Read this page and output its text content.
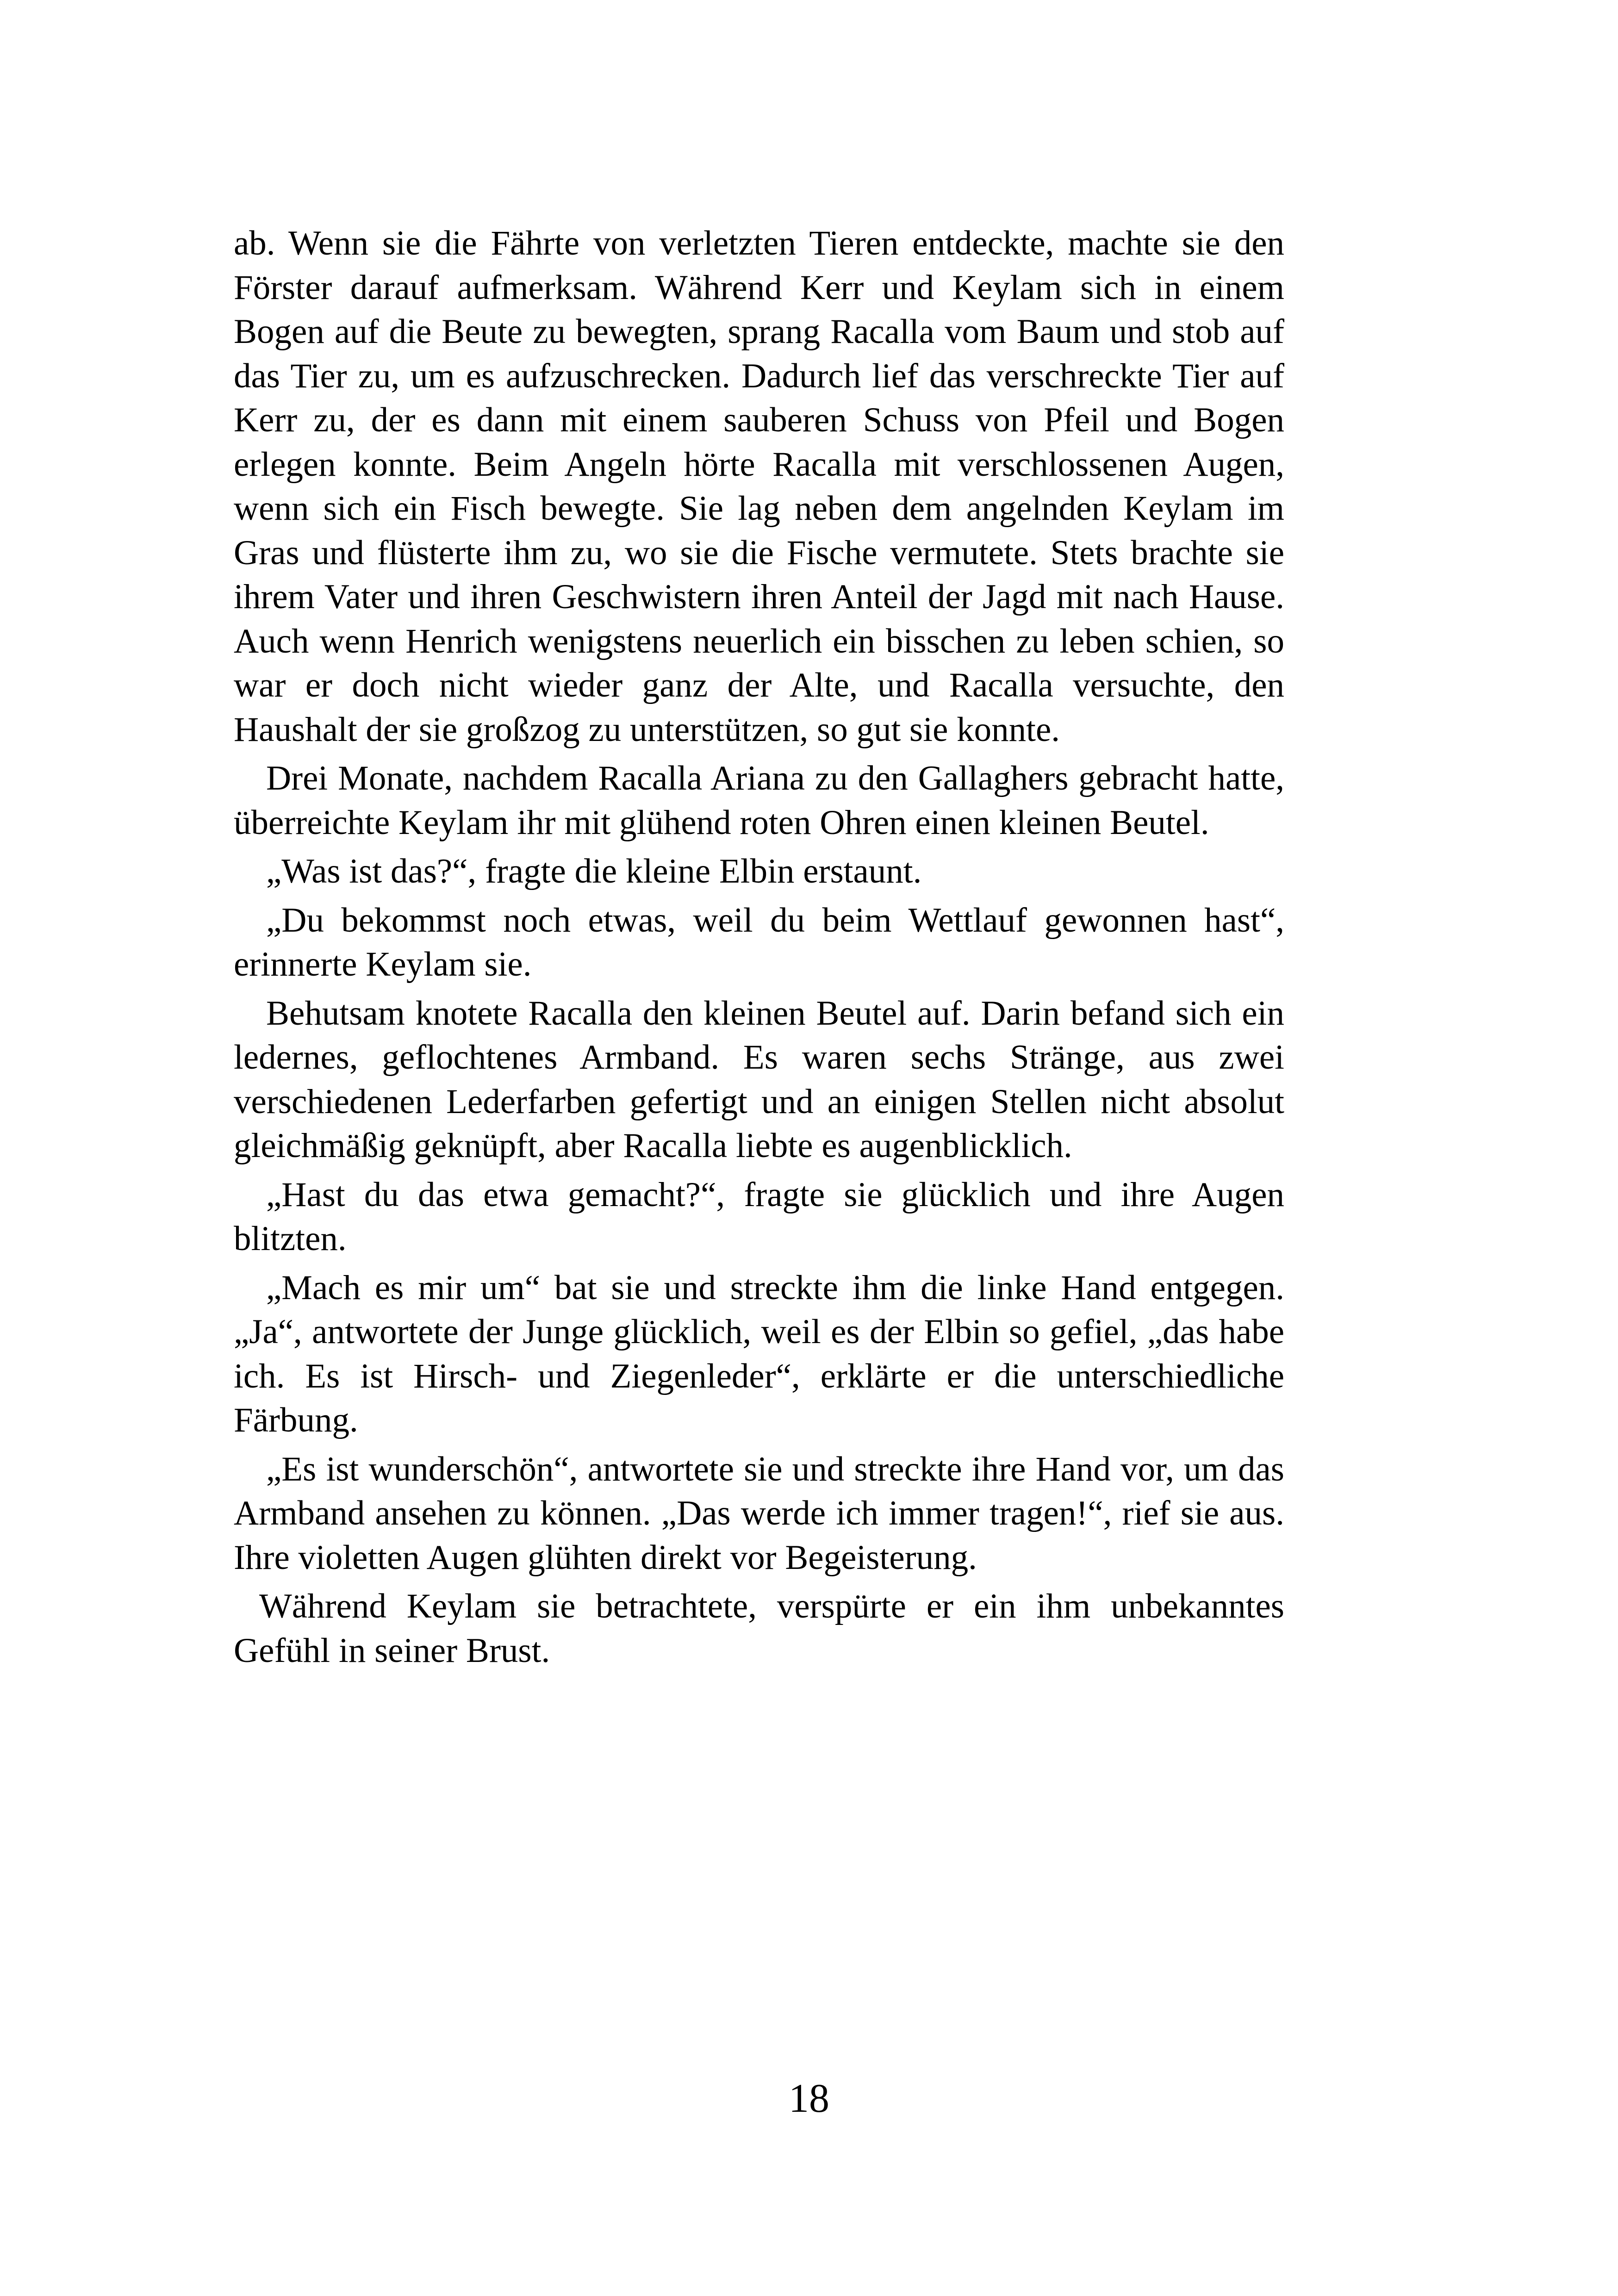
ab. Wenn sie die Fährte von verletzten Tieren entdeckte, machte sie den Förster darauf aufmerksam. Während Kerr und Keylam sich in einem Bogen auf die Beute zu bewegten, sprang Racalla vom Baum und stob auf das Tier zu, um es aufzuschrecken. Dadurch lief das verschreckte Tier auf Kerr zu, der es dann mit einem sauberen Schuss von Pfeil und Bogen erlegen konnte. Beim Angeln hörte Racalla mit verschlossenen Augen, wenn sich ein Fisch bewegte. Sie lag neben dem angelnden Keylam im Gras und flüsterte ihm zu, wo sie die Fische vermutete. Stets brachte sie ihrem Vater und ihren Geschwistern ihren Anteil der Jagd mit nach Hause. Auch wenn Henrich wenigstens neuerlich ein bisschen zu leben schien, so war er doch nicht wieder ganz der Alte, und Racalla versuchte, den Haushalt der sie großzog zu unterstützen, so gut sie konnte.

Drei Monate, nachdem Racalla Ariana zu den Gallaghers gebracht hatte, überreichte Keylam ihr mit glühend roten Ohren einen kleinen Beutel.

„Was ist das?“, fragte die kleine Elbin erstaunt.

„Du bekommst noch etwas, weil du beim Wettlauf gewonnen hast“, erinnerte Keylam sie.

Behutsam knotete Racalla den kleinen Beutel auf. Darin befand sich ein ledernes, geflochtenes Armband. Es waren sechs Stränge, aus zwei verschiedenen Lederfarben gefertigt und an einigen Stellen nicht absolut gleichmäßig geknüpft, aber Racalla liebte es augenblicklich.

„Hast du das etwa gemacht?“, fragte sie glücklich und ihre Augen blitzten.

„Mach es mir um“ bat sie und streckte ihm die linke Hand entgegen. „Ja“, antwortete der Junge glücklich, weil es der Elbin so gefiel, „das habe ich. Es ist Hirsch- und Ziegenleder“, erklärte er die unterschiedliche Färbung.

„Es ist wunderschön“, antwortete sie und streckte ihre Hand vor, um das Armband ansehen zu können. „Das werde ich immer tragen!“, rief sie aus. Ihre violetten Augen glühten direkt vor Begeisterung.

Während Keylam sie betrachtete, verspürte er ein ihm unbekanntes Gefühl in seiner Brust.

18
